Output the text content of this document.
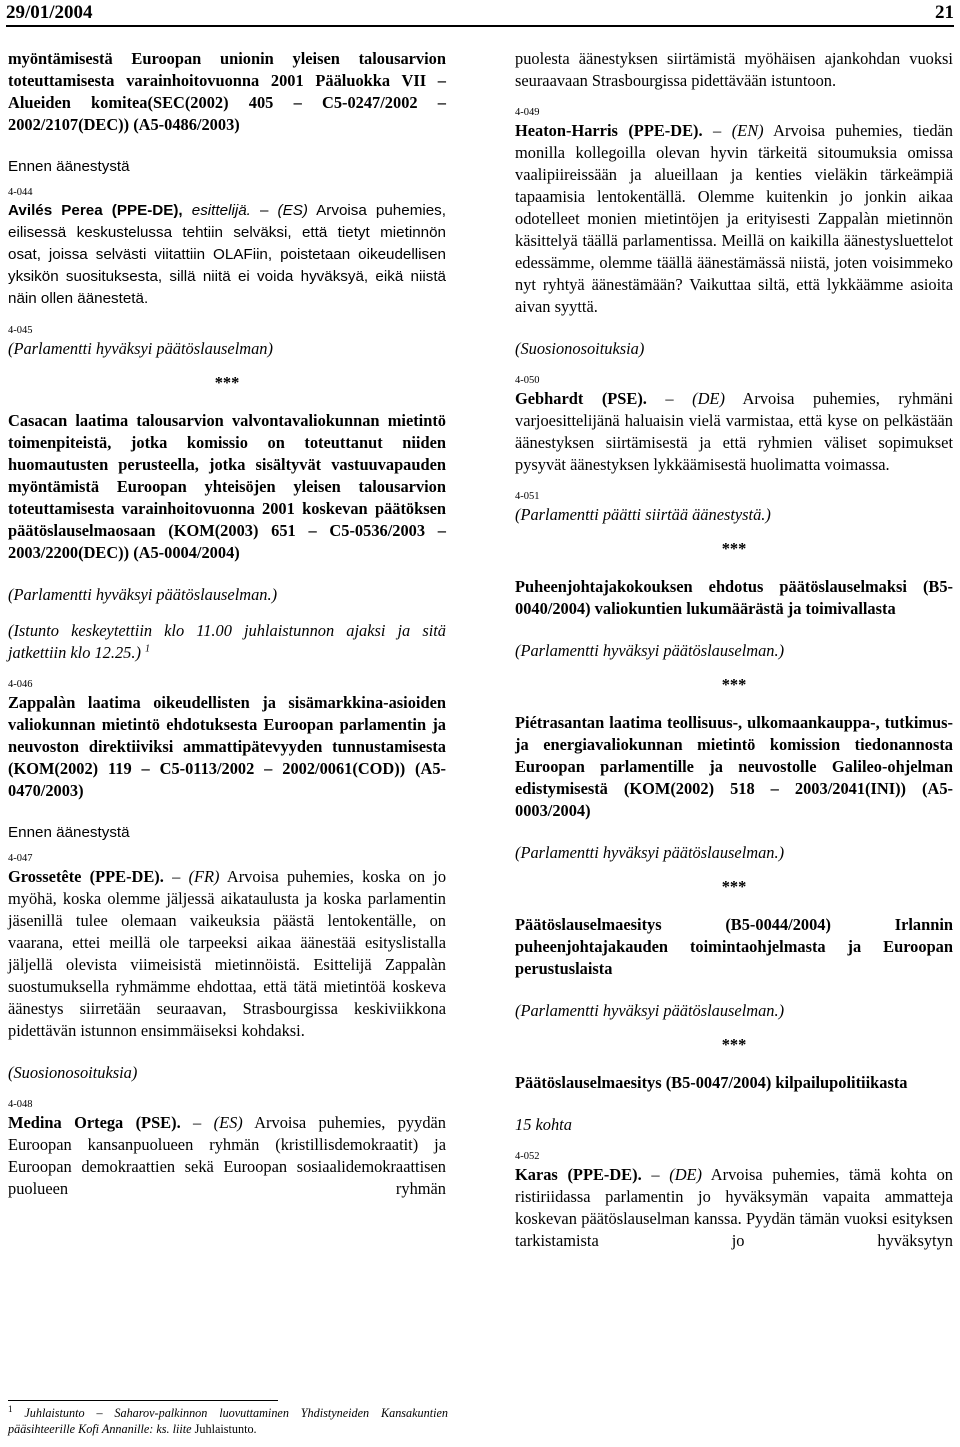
29/01/2004	21

myöntämisestä Euroopan unionin yleisen talousarvion toteuttamisesta varainhoitovuonna 2001 Pääluokka VII – Alueiden komitea(SEC(2002) 405 – C5-0247/2002 – 2002/2107(DEC)) (A5-0486/2003)

Ennen äänestystä

4-044

Avilés Perea (PPE-DE), esittelijä. – (ES) Arvoisa puhemies, eilisessä keskustelussa tehtiin selväksi, että tietyt mietinnön osat, joissa selvästi viitattiin OLAFiin, poistetaan oikeudellisen yksikön suosituksesta, sillä niitä ei voida hyväksyä, eikä niistä näin ollen äänestetä.

4-045

(Parlamentti hyväksyi päätöslauselman)

***

Casacan laatima talousarvion valvontavaliokunnan mietintö toimenpiteistä, jotka komissio on toteuttanut niiden huomautusten perusteella, jotka sisältyvät vastuuvapauden myöntämistä Euroopan yhteisöjen yleisen talousarvion toteuttamisesta varainhoitovuonna 2001 koskevan päätöksen päätöslauselmaosaan (KOM(2003) 651 – C5-0536/2003 – 2003/2200(DEC)) (A5-0004/2004)

(Parlamentti hyväksyi päätöslauselman.)

(Istunto keskeytettiin klo 11.00 juhlaistunnon ajaksi ja sitä jatkettiin klo 12.25.) $^1$

4-046

Zappalàn laatima oikeudellisten ja sisämarkkina-asioiden valiokunnan mietintö ehdotuksesta Euroopan parlamentin ja neuvoston direktiiviksi ammattipätevyyden tunnustamisesta (KOM(2002) 119 – C5-0113/2002 – 2002/0061(COD)) (A5-0470/2003)

Ennen äänestystä

4-047

Grossetête (PPE-DE). – (FR) Arvoisa puhemies, koska on jo myöhä, koska olemme jäljessä aikataulusta ja koska parlamentin jäsenillä tulee olemaan vaikeuksia päästä lentokentälle, on vaarana, ettei meillä ole tarpeeksi aikaa äänestää esityslistalla jäljellä olevista viimeisistä mietinnöistä. Esittelijä Zappalàn suostumuksella ryhmämme ehdottaa, että tätä mietintöä koskeva äänestys siirretään seuraavan, Strasbourgissa keskiviikkona pidettävän istunnon ensimmäiseksi kohdaksi.

(Suosionosoituksia)

4-048

Medina Ortega (PSE). – (ES) Arvoisa puhemies, pyydän Euroopan kansanpuolueen ryhmän (kristillisdemokraatit) ja Euroopan demokraattien sekä Euroopan sosiaalidemokraattisen puolueen ryhmän

puolesta äänestyksen siirtämistä myöhäisen ajankohdan vuoksi seuraavaan Strasbourgissa pidettävään istuntoon.

4-049

Heaton-Harris (PPE-DE). – (EN) Arvoisa puhemies, tiedän monilla kollegoilla olevan hyvin tärkeitä sitoumuksia omissa vaalipiireissään ja alueillaan ja kenties vieläkin tärkeämpiä tapaamisia lentokentällä. Olemme kuitenkin jo jonkin aikaa odotelleet monien mietintöjen ja erityisesti Zappalàn mietinnön käsittelyä täällä parlamentissa. Meillä on kaikilla äänestysluettelot edessämme, olemme täällä äänestämässä niistä, joten voisimmeko nyt ryhtyä äänestämään? Vaikuttaa siltä, että lykkäämme asioita aivan syyttä.

(Suosionosoituksia)

4-050

Gebhardt (PSE). – (DE) Arvoisa puhemies, ryhmäni varjoesittelijänä haluaisin vielä varmistaa, että kyse on pelkästään äänestyksen siirtämisestä ja että ryhmien väliset sopimukset pysyvät äänestyksen lykkäämisestä huolimatta voimassa.

4-051

(Parlamentti päätti siirtää äänestystä.)

***

Puheenjohtajakokouksen ehdotus päätöslauselmaksi (B5-0040/2004) valiokuntien lukumäärästä ja toimivallasta

(Parlamentti hyväksyi päätöslauselman.)

***

Piétrasantan laatima teollisuus-, ulkomaankauppa-, tutkimus- ja energiavaliokunnan mietintö komission tiedonannosta Euroopan parlamentille ja neuvostolle Galileo-ohjelman edistymisestä (KOM(2002) 518 – 2003/2041(INI)) (A5-0003/2004)

(Parlamentti hyväksyi päätöslauselman.)

***

Päätöslauselmaesitys (B5-0044/2004) Irlannin puheenjohtajakauden toimintaohjelmasta ja Euroopan perustuslaista

(Parlamentti hyväksyi päätöslauselman.)

***

Päätöslauselmaesitys (B5-0047/2004) kilpailupolitiikasta

15 kohta

4-052

Karas (PPE-DE). – (DE) Arvoisa puhemies, tämä kohta on ristiriidassa parlamentin jo hyväksymän vapaita ammatteja koskevan päätöslauselman kanssa. Pyydän tämän vuoksi esityksen tarkistamista jo hyväksytyn

$^1$ Juhlaistunto – Saharov-palkinnon luovuttaminen Yhdistyneiden Kansakuntien pääsihteerille Kofi Annanille: ks. liite Juhlaistunto.
